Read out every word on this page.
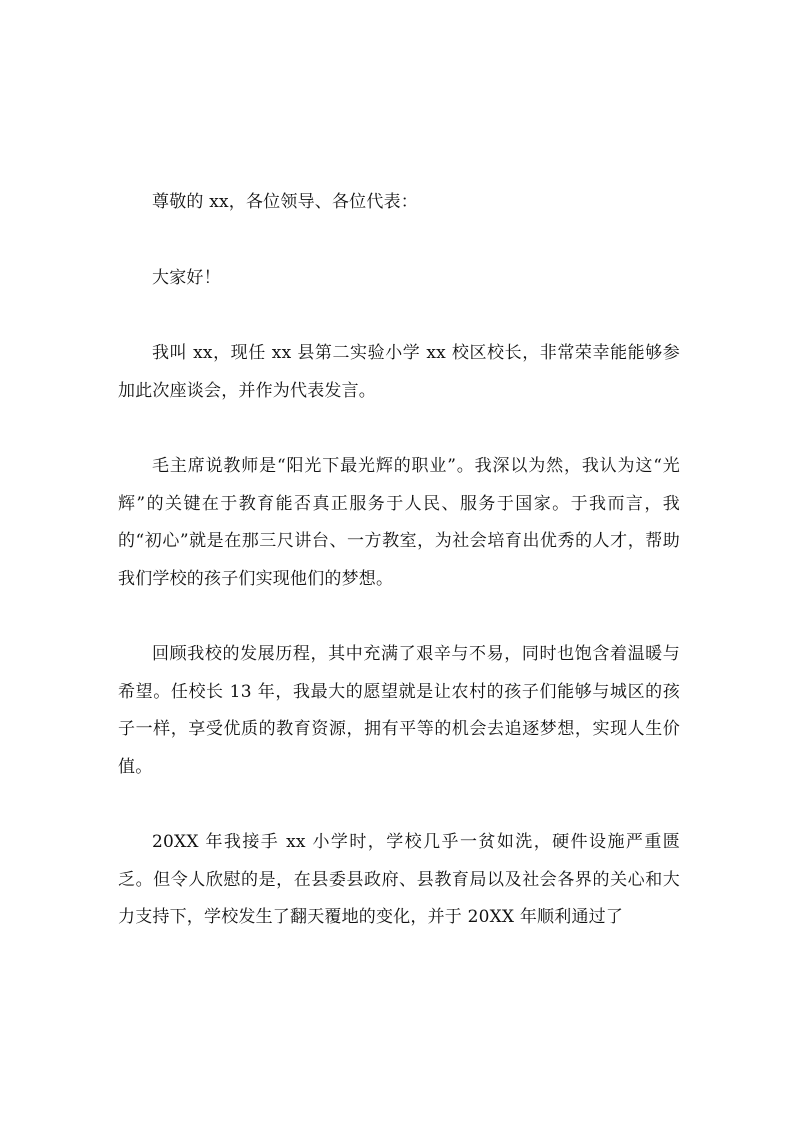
尊敬的 xx，各位领导、各位代表：

大家好！

我叫 xx，现任 xx 县第二实验小学 xx 校区校长，非常荣幸能能够参加此次座谈会，并作为代表发言。

毛主席说教师是“阳光下最光辉的职业”。我深以为然，我认为这“光辉”的关键在于教育能否真正服务于人民、服务于国家。于我而言，我的“初心”就是在那三尺讲台、一方教室，为社会培育出优秀的人才，帮助我们学校的孩子们实现他们的梦想。

回顾我校的发展历程，其中充满了艰辛与不易，同时也饱含着温暖与希望。任校长 13 年，我最大的愿望就是让农村的孩子们能够与城区的孩子一样，享受优质的教育资源，拥有平等的机会去追逐梦想，实现人生价值。

20XX 年我接手 xx 小学时，学校几乎一贫如洗，硬件设施严重匮乏。但令人欣慰的是，在县委县政府、县教育局以及社会各界的关心和大力支持下，学校发生了翻天覆地的变化，并于 20XX 年顺利通过了
